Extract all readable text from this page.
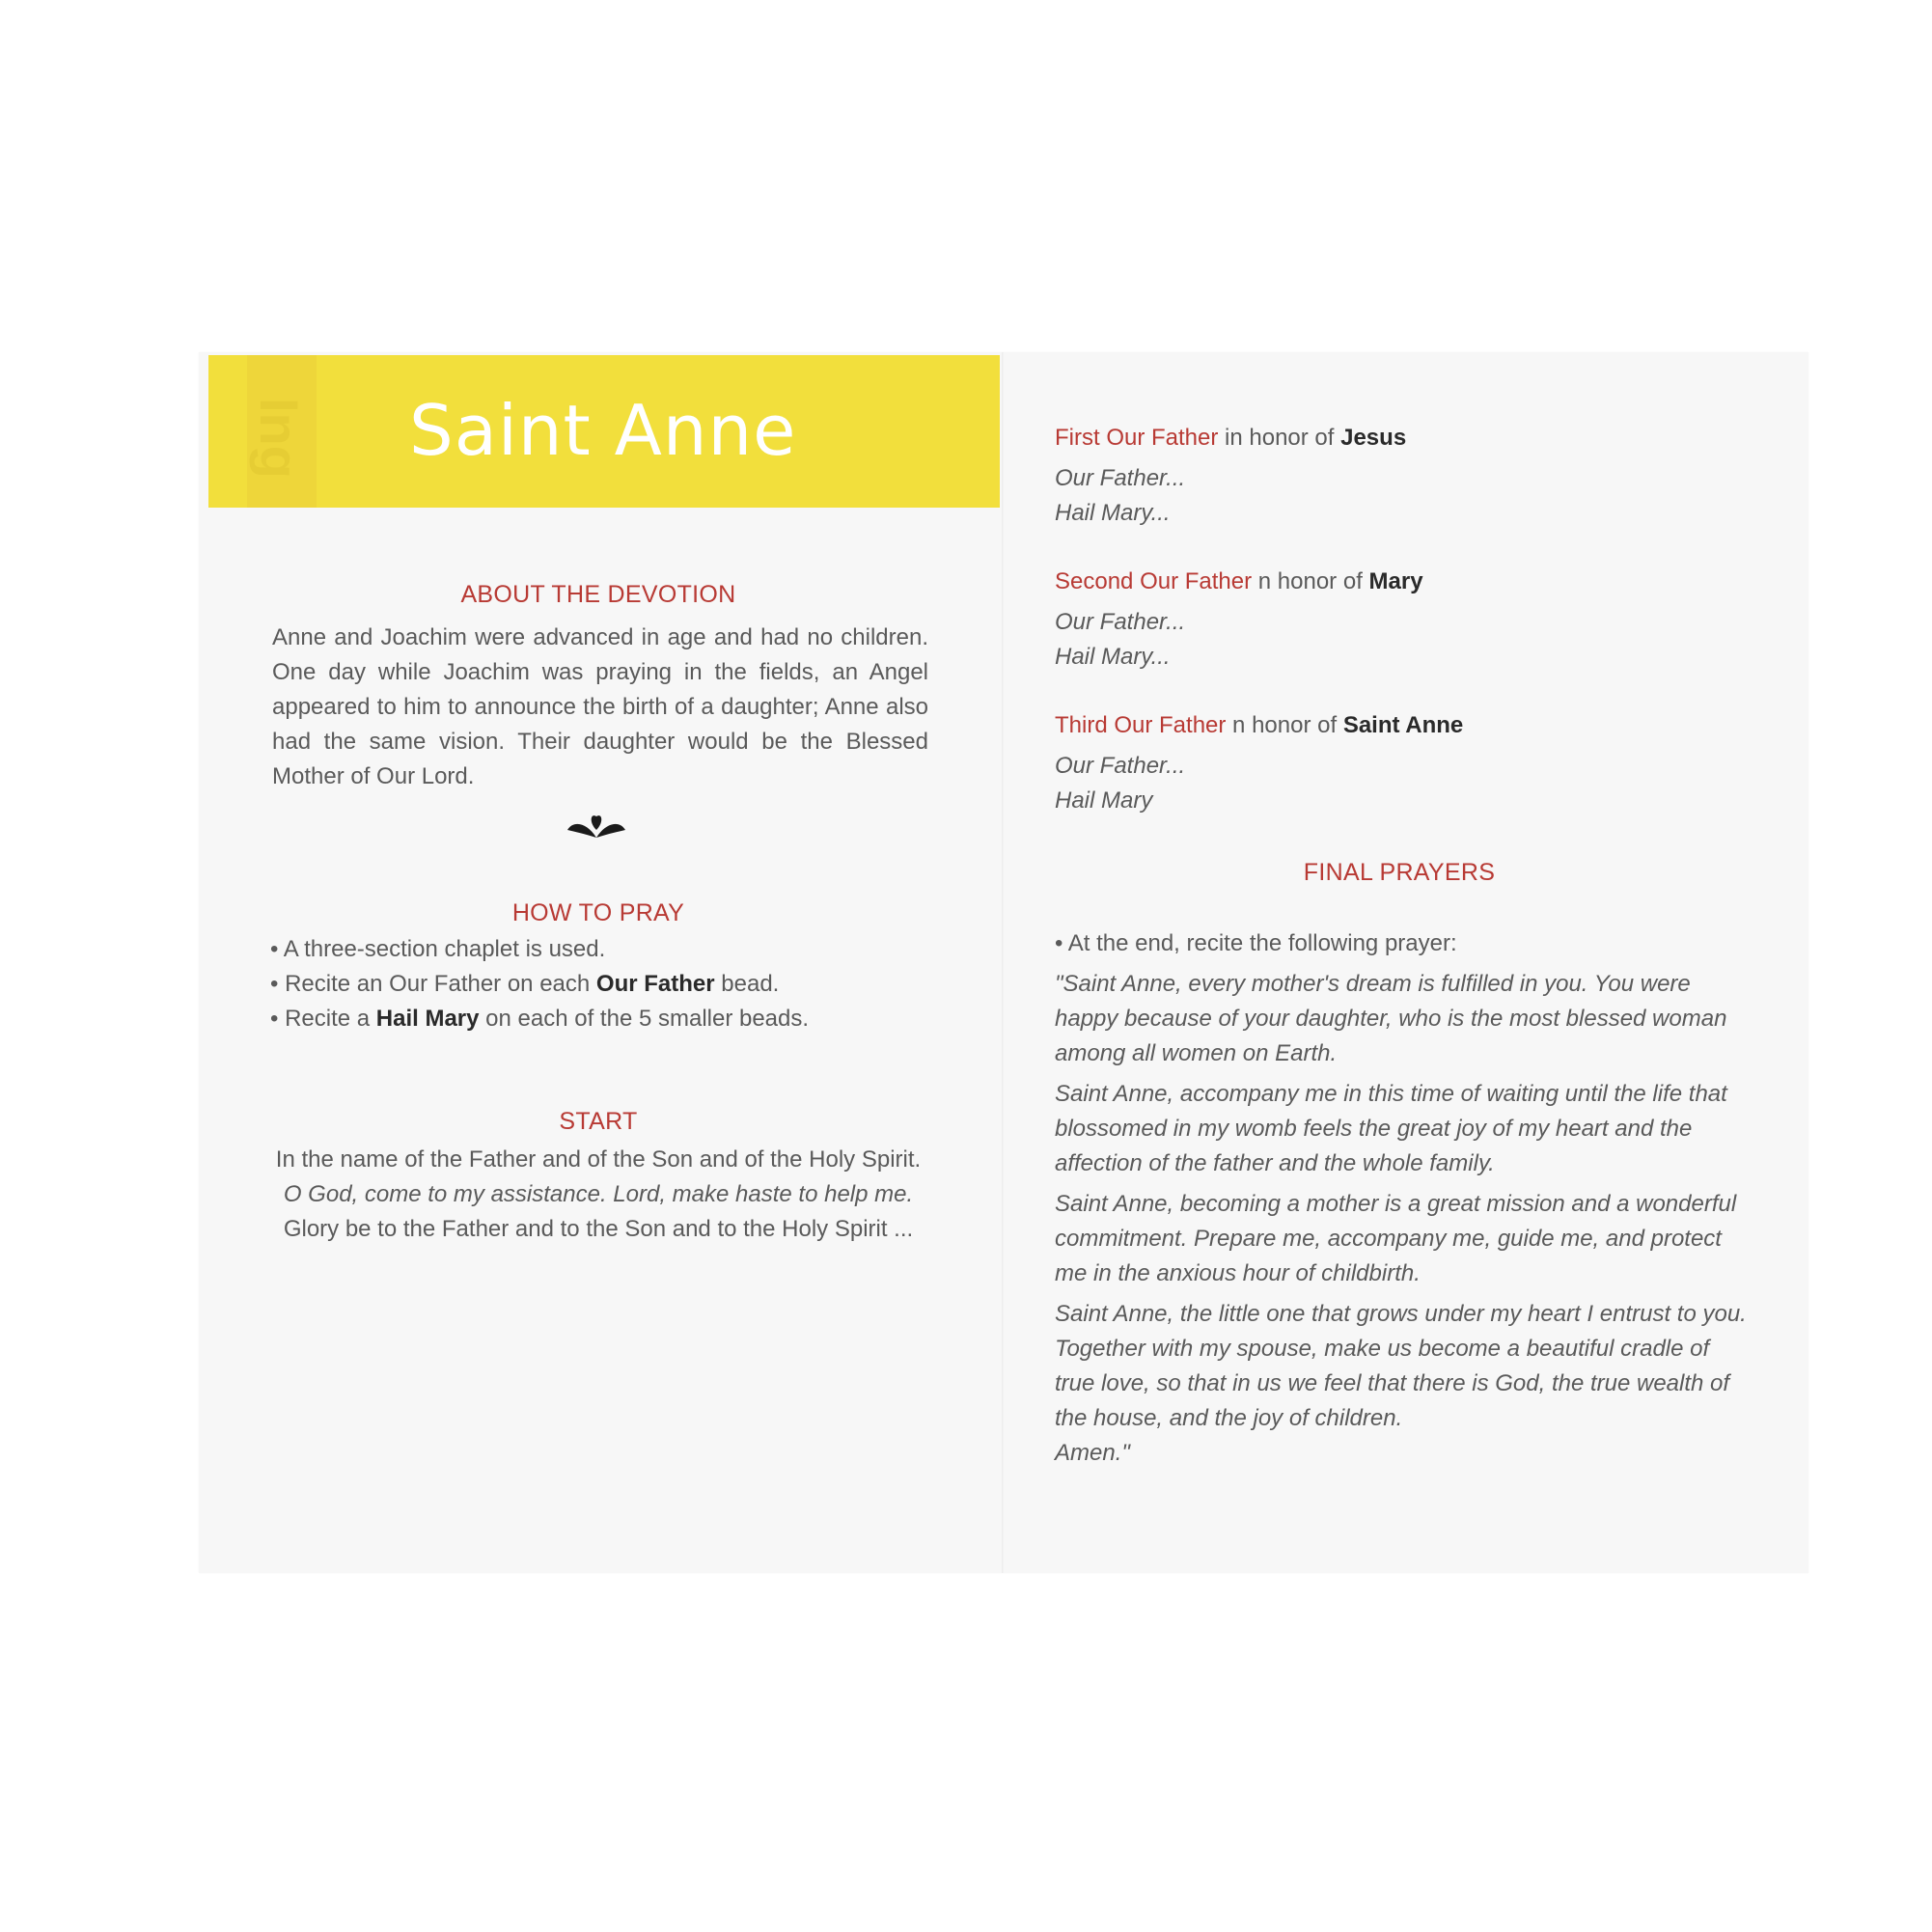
Ing Saint Anne
ABOUT THE DEVOTION
Anne and Joachim were advanced in age and had no children. One day while Joachim was praying in the fields, an Angel appeared to him to announce the birth of a daughter; Anne also had the same vision. Their daughter would be the Blessed Mother of Our Lord.
HOW TO PRAY
• A three-section chaplet is used.
• Recite an Our Father on each Our Father bead.
• Recite a Hail Mary on each of the 5 smaller beads.
START
In the name of the Father and of the Son and of the Holy Spirit.
O God, come to my assistance. Lord, make haste to help me.
Glory be to the Father and to the Son and to the Holy Spirit ...
First Our Father in honor of Jesus
Our Father...
Hail Mary...
Second Our Father n honor of Mary
Our Father...
Hail Mary...
Third Our Father n honor of Saint Anne
Our Father...
Hail Mary
FINAL PRAYERS
• At the end, recite the following prayer:
"Saint Anne, every mother's dream is fulfilled in you. You were happy because of your daughter, who is the most blessed woman among all women on Earth.
Saint Anne, accompany me in this time of waiting until the life that blossomed in my womb feels the great joy of my heart and the affection of the father and the whole family.
Saint Anne, becoming a mother is a great mission and a wonderful commitment. Prepare me, accompany me, guide me, and protect me in the anxious hour of childbirth.
Saint Anne, the little one that grows under my heart I entrust to you. Together with my spouse, make us become a beautiful cradle of true love, so that in us we feel that there is God, the true wealth of the house, and the joy of children.
Amen."
